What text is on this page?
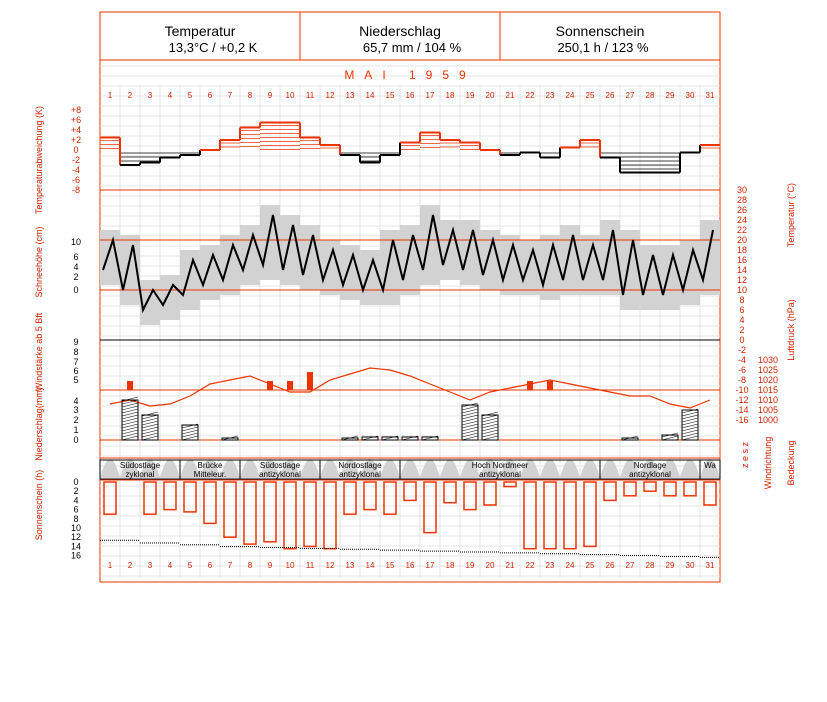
1
1
2
2
3
3
4
4
5
5
6
6
7
7
8
8
9
9
10
10
11
11
12
12
13
13
14
14
15
15
16
16
17
17
18
18
19
19
20
20
21
21
22
22
23
23
24
24
25
25
26
26
27
27
28
28
29
29
30
30
31
31
+8
+6
+4
+2
0
-2
-4
-6
-8
10
6
4
2
0
9
8
7
6
5
4
3
2
1
0
30
28
26
24
22
20
18
16
14
12
10
8
6
4
2
0
-2
-4
-6
-8
-10
-12
-14
-16
1030
1025
1020
1015
1010
1005
1000
Südostlage
zyklonal
Brücke
Mitteleur.
Südostlage
antizyklonal
Nordostlage
antizyklonal
Hoch Nordmeer
antizyklonal
Nordlage
antizyklonal
Wa
0
2
4
6
8
10
12
14
16
Temperatur
13,3°C / +0,2 K
Niederschlag
65,7 mm / 104 %
Sonnenschein
250,1 h / 123 %
MAI 1959
Temperaturabweichung (K)
Schneehöhe (cm)
Windstärke ab 5 Bft
Niederschlag(mm)
Sonnenschein (h)
Temperatur (°C)
Luftdruck (hPa)
Windrichtung Bedeckung
z e s z
